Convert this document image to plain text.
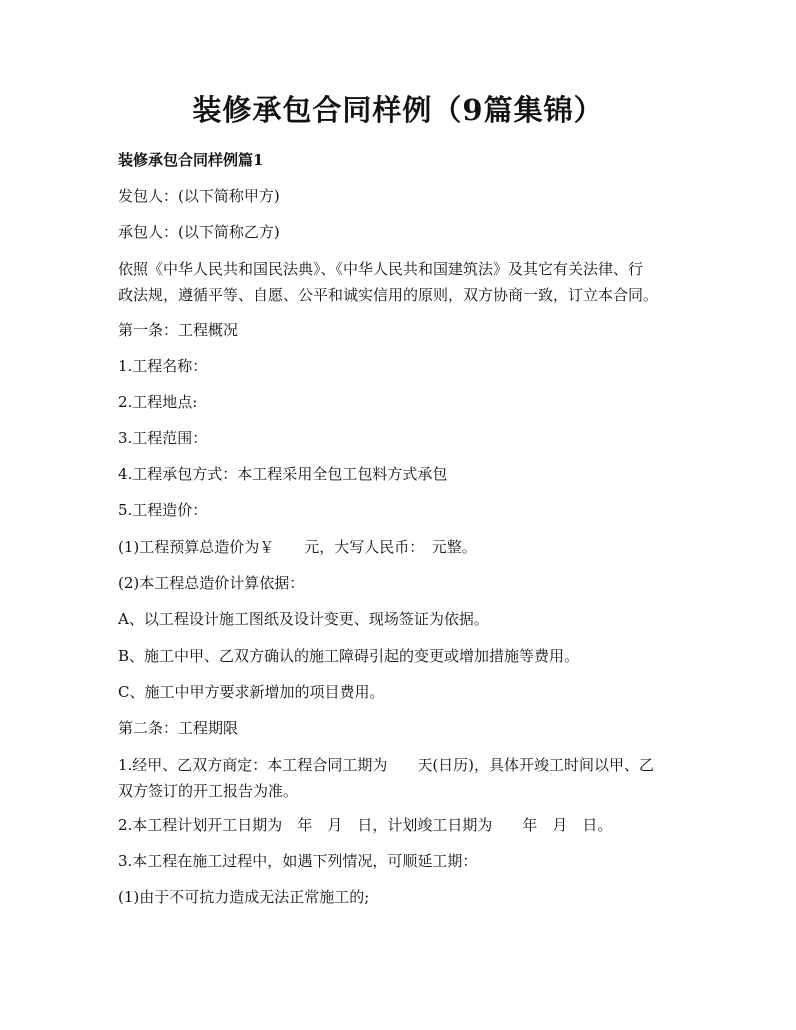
装修承包合同样例（9篇集锦）
装修承包合同样例篇1
发包人：(以下简称甲方)
承包人：(以下简称乙方)
依照《中华人民共和国民法典》、《中华人民共和国建筑法》及其它有关法律、行
政法规，遵循平等、自愿、公平和诚实信用的原则，双方协商一致，订立本合同。
第一条：工程概况
1.工程名称：
2.工程地点:
3.工程范围：
4.工程承包方式：本工程采用全包工包料方式承包
5.工程造价：
(1)工程预算总造价为￥　　元，大写人民币：　元整。
(2)本工程总造价计算依据：
A、以工程设计施工图纸及设计变更、现场签证为依据。
B、施工中甲、乙双方确认的施工障碍引起的变更或增加措施等费用。
C、施工中甲方要求新增加的项目费用。
第二条：工程期限
1.经甲、乙双方商定：本工程合同工期为　　天(日历)，具体开竣工时间以甲、乙
双方签订的开工报告为准。
2.本工程计划开工日期为　年　月　日，计划竣工日期为　　年　月　日。
3.本工程在施工过程中，如遇下列情况，可顺延工期：
(1)由于不可抗力造成无法正常施工的;
